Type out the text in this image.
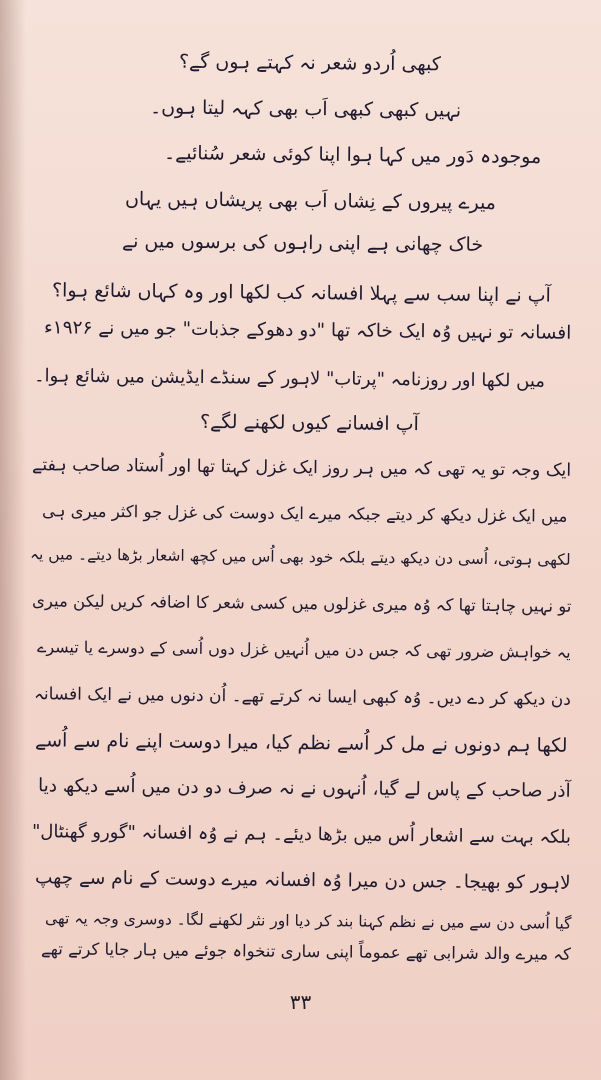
کبھی اُردو شعر نہ کہتے ہوں گے؟
نہیں کبھی کبھی اَب بھی کہہ لیتا ہوں۔
موجودہ دَور میں کہا ہوا اپنا کوئی شعر سُنائیے۔
میرے پیروں کے نِشاں اَب بھی پریشاں ہیں یہاں
خاک چھانی ہے اپنی راہوں کی برسوں میں نے
آپ نے اپنا سب سے پہلا افسانہ کب لکھا اور وہ کہاں شائع ہوا؟
افسانہ تو نہیں وُہ ایک خاکہ تھا "دو دھوکے جذبات" جو میں نے ۱۹۲۶ء
میں لکھا اور روزنامہ "پرتاب" لاہور کے سنڈے ایڈیشن میں شائع ہوا۔
آپ افسانے کیوں لکھنے لگے؟
ایک وجہ تو یہ تھی کہ میں ہر روز ایک غزل کہتا تھا اور اُستاد صاحب ہفتے
میں ایک غزل دیکھ کر دیتے جبکہ میرے ایک دوست کی غزل جو اکثر میری ہی
لکھی ہوتی، اُسی دن دیکھ دیتے بلکہ خود بھی اُس میں کچھ اشعار بڑھا دیتے۔ میں یہ
تو نہیں چاہتا تھا کہ وُہ میری غزلوں میں کسی شعر کا اضافہ کریں لیکن میری
یہ خواہش ضرور تھی کہ جس دن میں اُنہیں غزل دوں اُسی کے دوسرے یا تیسرے
دن دیکھ کر دے دیں۔ وُہ کبھی ایسا نہ کرتے تھے۔ اُن دنوں میں نے ایک افسانہ
لکھا ہم دونوں نے مل کر اُسے نظم کیا، میرا دوست اپنے نام سے اُسے
آذر صاحب کے پاس لے گیا، اُنہوں نے نہ صرف دو دن میں اُسے دیکھ دیا
بلکہ بہت سے اشعار اُس میں بڑھا دیئے۔ ہم نے وُہ افسانہ "گورو گھنٹال"
لاہور کو بھیجا۔ جس دن میرا وُہ افسانہ میرے دوست کے نام سے چھپ
گیا اُسی دن سے میں نے نظم کہنا بند کر دیا اور نثر لکھنے لگا۔ دوسری وجہ یہ تھی
کہ میرے والد شرابی تھے عموماً اپنی ساری تنخواہ جوئے میں ہار جایا کرتے تھے
۳۳
